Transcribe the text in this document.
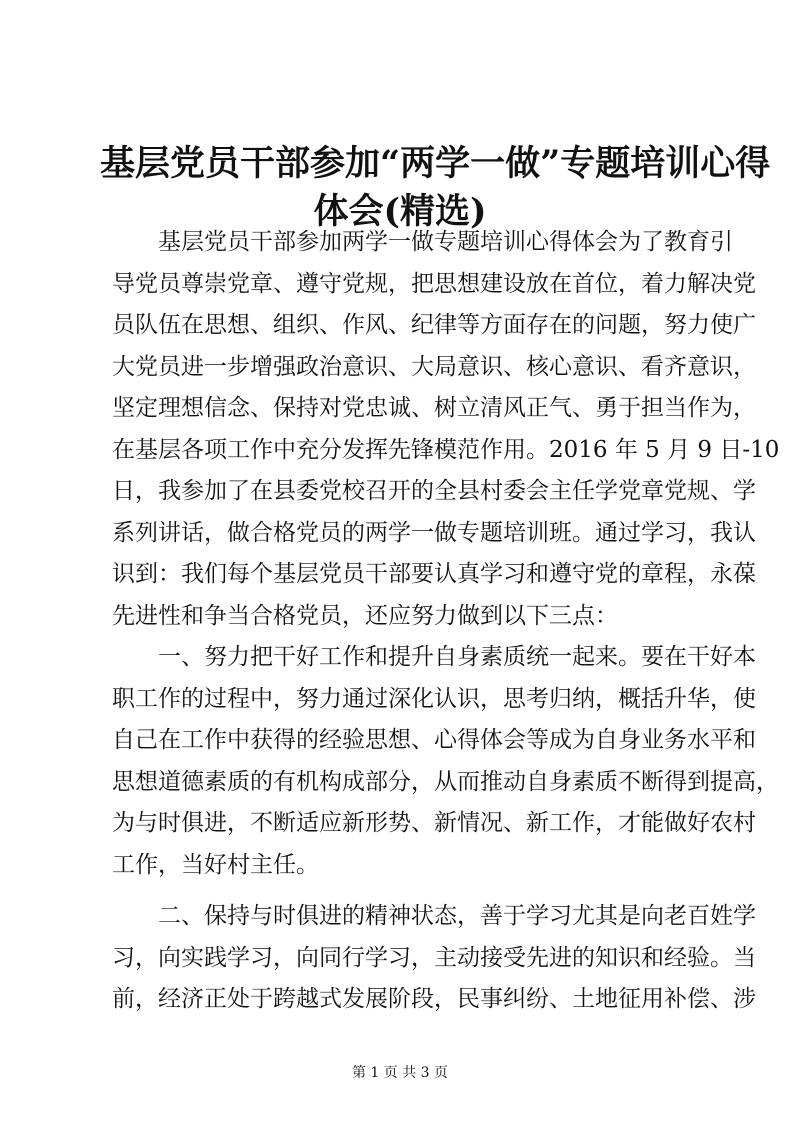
基层党员干部参加“两学一做”专题培训心得
体会(精选)

基层党员干部参加两学一做专题培训心得体会为了教育引
导党员尊崇党章、遵守党规，把思想建设放在首位，着力解决党
员队伍在思想、组织、作风、纪律等方面存在的问题，努力使广
大党员进一步增强政治意识、大局意识、核心意识、看齐意识，
坚定理想信念、保持对党忠诚、树立清风正气、勇于担当作为，
在基层各项工作中充分发挥先锋模范作用。2016 年 5 月 9 日-10
日，我参加了在县委党校召开的全县村委会主任学党章党规、学
系列讲话，做合格党员的两学一做专题培训班。通过学习，我认
识到：我们每个基层党员干部要认真学习和遵守党的章程，永葆
先进性和争当合格党员，还应努力做到以下三点：

一、努力把干好工作和提升自身素质统一起来。要在干好本
职工作的过程中，努力通过深化认识，思考归纳，概括升华，使
自己在工作中获得的经验思想、心得体会等成为自身业务水平和
思想道德素质的有机构成部分，从而推动自身素质不断得到提高，
为与时俱进，不断适应新形势、新情况、新工作，才能做好农村
工作，当好村主任。

二、保持与时俱进的精神状态，善于学习尤其是向老百姓学
习，向实践学习，向同行学习，主动接受先进的知识和经验。当
前，经济正处于跨越式发展阶段，民事纠纷、土地征用补偿、涉

第 1 页 共 3 页
